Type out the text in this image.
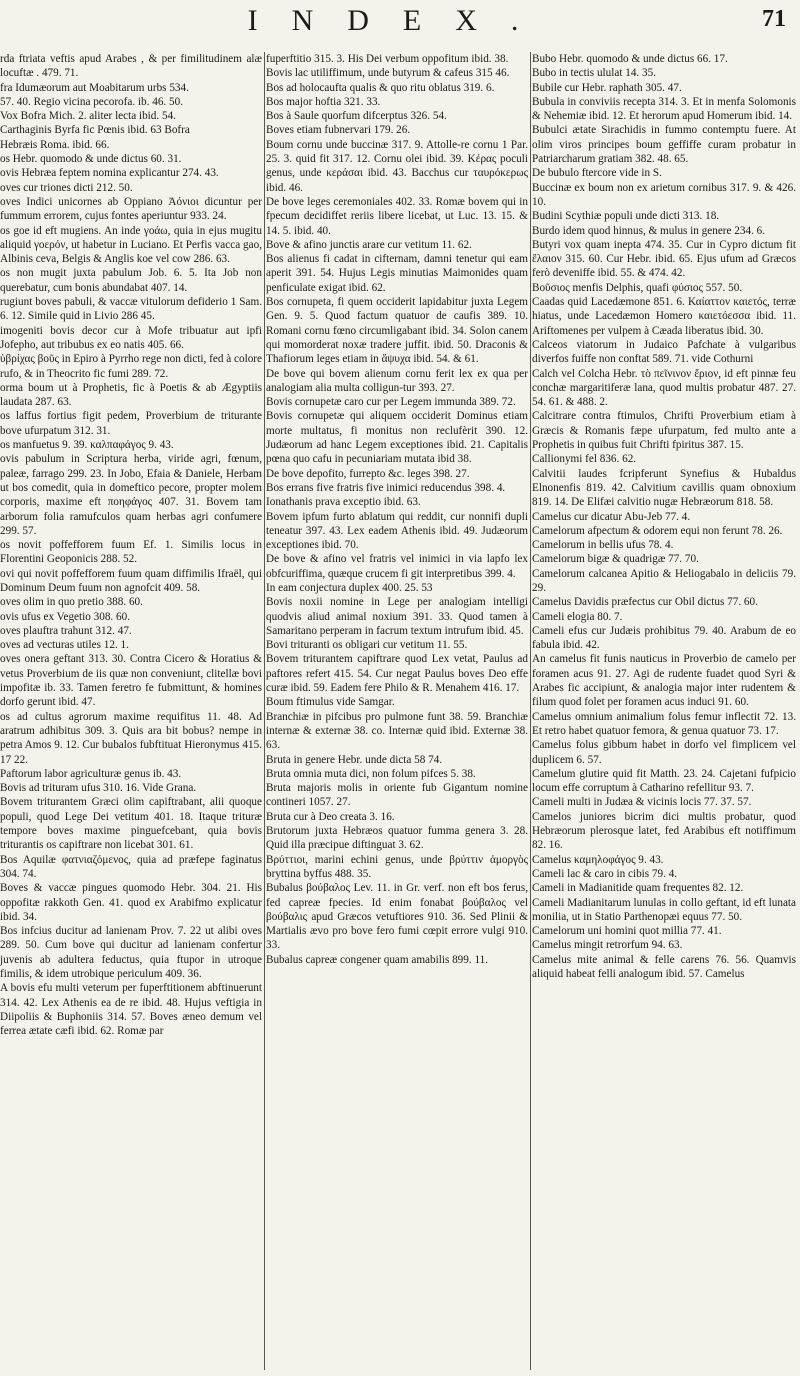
INDEX.	71

rda ftriata veftis apud Arabes , & per fimilitudinem alæ locuftæ . 479. 71.

fra Idumæorum aut Moabitarum urbs 534.

57. 40. Regio vicina pecorofa. ib. 46. 50.

Vox Bofra Mich. 2. aliter lecta ibid. 54.

Carthaginis Byrfa fic Pœnis ibid. 63 Bofra

Hebræis Roma. ibid. 66.

os Hebr. quomodo & unde dictus 60. 31.

ovis Hebræa feptem nomina explicantur 274. 43.

oves cur triones dicti 212. 50.

oves Indici unicornes ab Oppiano Ἀόνιοι dicuntur per fummum errorem, cujus fontes aperiuntur 933. 24.

os goe id eft mugiens. An inde γοάω, quia in ejus mugitu aliquid γοερόν, ut habetur in Luciano. Et Perfis vacca gao, Albinis ceva, Belgis & Anglis koe vel cow 286. 63.

os non mugit juxta pabulum Job. 6. 5. Ita Job non querebatur, cum bonis abundabat 407. 14.

rugiunt boves pabuli, & vaccæ vitulorum defiderio 1 Sam. 6. 12. Simile quid in Livio 286 45.

imogeniti bovis decor cur à Mofe tribuatur aut ipfi Jofepho, aut tribubus ex eo natis 405. 66.

ὑβρίχας βοῦς in Epiro à Pyrrho rege non dicti, fed à colore rufo, & in Theocrito fic fumi 289. 72.

orma boum ut à Prophetis, fic à Poetis & ab Ægyptiis laudata 287. 63.

os laffus fortius figit pedem, Proverbium de triturante bove ufurpatum 312. 31.

os manfuetus 9. 39. καλπαφάγος 9. 43.

ovis pabulum in Scriptura herba, viride agri, fœnum, paleæ, farrago 299. 23. In Jobo, Efaia & Daniele, Herbam ut bos comedit, quia in domeftico pecore, propter molem corporis, maxime eft ποηφάγος 407. 31. Bovem tam arborum folia ramufculos quam herbas agri confumere 299. 57.

os novit poffefforem fuum Ef. 1. Similis locus in Florentini Geoponicis 288. 52.

ovi qui novit poffefforem fuum quam diffimilis Ifraël, qui Dominum Deum fuum non agnofcit 409. 58.

oves olim in quo pretio 388. 60.

ovis ufus ex Vegetio 308. 60.

oves plauftra trahunt 312. 47.

oves ad vecturas utiles 12. 1.

oves onera geftant 313. 30. Contra Cicero & Horatius & vetus Proverbium de iis quæ non conveniunt, clitellæ bovi impofitæ ib. 33. Tamen feretro fe fubmittunt, & homines dorfo gerunt ibid. 47.

os ad cultus agrorum maxime requifitus 11. 48. Ad aratrum adhibitus 309. 3. Quis ara bit bobus? nempe in petra Amos 9. 12. Cur bubalos fubftituat Hieronymus 415. 17 22.

Paftorum labor agriculturæ genus ib. 43.

Bovis ad trituram ufus 310. 16. Vide Grana.

Bovem triturantem Græci olim capiftrabant, alii quoque populi, quod Lege Dei vetitum 401. 18. Itaque trituræ tempore boves maxime pinguefcebant, quia bovis triturantis os capiftrare non licebat 301. 61.

Bos Aquilæ φατνιαζόμενος, quia ad præfepe faginatus 304. 74.

Boves & vaccæ pingues quomodo Hebr. 304. 21. His oppofitæ rakkoth Gen. 41. quod ex Arabifmo explicatur ibid. 34.

Bos infcius ducitur ad lanienam Prov. 7. 22 ut alibi oves 289. 50. Cum bove qui ducitur ad lanienam confertur juvenis ab adultera feductus, quia ftupor in utroque fimilis, & idem utrobique periculum 409. 36.

A bovis efu multi veterum per fuperftitionem abftinuerunt 314. 42. Lex Athenis ea de re ibid. 48. Hujus veftigia in Diipoliis & Buphoniis 314. 57. Boves æneo demum vel ferrea ætate cæfi ibid. 62. Romæ par

fuperftitio 315. 3. His Dei verbum oppofitum ibid. 38.

Bovis lac utiliffimum, unde butyrum & cafeus 315 46.

Bos ad holocaufta qualis & quo ritu oblatus 319. 6.

Bos major hoftia 321. 33.

Bos à Saule quorfum difcerptus 326. 54.

Boves etiam fubnervari 179. 26.

Boum cornu unde buccinæ 317. 9. Attolle-re cornu 1 Par. 25. 3. quid fit 317. 12. Cornu olei ibid. 39. Κέρας poculi genus, unde κεράσαι ibid. 43. Bacchus cur ταυρόκερως ibid. 46.

De bove leges ceremoniales 402. 33. Romæ bovem qui in fpecum decidiffet reriis libere licebat, ut Luc. 13. 15. & 14. 5. ibid. 40.

Bove & afino junctis arare cur vetitum 11. 62.

Bos alienus fi cadat in cifternam, damni tenetur qui eam aperit 391. 54. Hujus Legis minutias Maimonides quam penficulate exigat ibid. 62.

Bos cornupeta, fi quem occiderit lapidabitur juxta Legem Gen. 9. 5. Quod factum quatuor de caufis 389. 10. Romani cornu fœno circumligabant ibid. 34. Solon canem qui momorderat noxæ tradere juffit. ibid. 50. Draconis & Thafiorum leges etiam in ἄψυχα ibid. 54. & 61.

De bove qui bovem alienum cornu ferit lex ex qua per analogiam alia multa colligun-tur 393. 27.

Bovis cornupetæ caro cur per Legem immunda 389. 72.

Bovis cornupetæ qui aliquem occiderit Dominus etiam morte multatus, fi monitus non reclufèrit 390. 12. Judæorum ad hanc Legem exceptiones ibid. 21. Capitalis pœna quo cafu in pecuniariam mutata ibid 38.

De bove depofito, furrepto &c. leges 398. 27.

Bos errans five fratris five inimici reducendus 398. 4.

Ionathanis prava exceptio ibid. 63.

Bovem ipfum furto ablatum qui reddit, cur nonnifi dupli teneatur 397. 43. Lex eadem Athenis ibid. 49. Judæorum exceptiones ibid. 70.

De bove & afino vel fratris vel inimici in via lapfo lex obfcuriffima, quæque crucem fi git interpretibus 399. 4.

In eam conjectura duplex 400. 25. 53

Bovis noxii nomine in Lege per analogiam intelligi quodvis aliud animal noxium 391. 33. Quod tamen à Samaritano perperam in facrum textum intrufum ibid. 45.

Bovi trituranti os obligari cur vetitum 11. 55.

Bovem triturantem capiftrare quod Lex vetat, Paulus ad paftores refert 415. 54. Cur negat Paulus boves Deo effe curæ ibid. 59. Eadem fere Philo & R. Menahem 416. 17.

Boum ftimulus vide Samgar.

Branchiæ in pifcibus pro pulmone funt 38. 59. Branchiæ internæ & externæ 38. co. Internæ quid ibid. Externæ 38. 63.

Bruta in genere Hebr. unde dicta 58 74.

Bruta omnia muta dici, non folum pifces 5. 38.

Bruta majoris molis in oriente fub Gigantum nomine contineri 1057. 27.

Bruta cur à Deo creata 3. 16.

Brutorum juxta Hebræos quatuor fumma genera 3. 28. Quid illa præcipue diftinguat 3. 62.

Βρύττιοι, marini echini genus, unde βρύττιν ἀμοργὸς bryttina byffus 488. 35.

Bubalus βούβαλος Lev. 11. in Gr. verf. non eft bos ferus, fed capreæ fpecies. Id enim fonabat βούβαλος vel βούβαλις apud Græcos vetuftiores 910. 36. Sed Plinii & Martialis ævo pro bove fero fumi cœpit errore vulgi 910. 33.

Bubalus capreæ congener quam amabilis 899. 11.

Bubo Hebr. quomodo & unde dictus 66. 17.

Bubo in tectis ululat 14. 35.

Bubile cur Hebr. raphath 305. 47.

Bubula in conviviis recepta 314. 3. Et in menfa Solomonis & Nehemiæ ibid. 12. Et herorum apud Homerum ibid. 14.

Bubulci ætate Sirachidis in fummo contemptu fuere. At olim viros principes boum geffiffe curam probatur in Patriarcharum gratiam 382. 48. 65.

De bubulo ftercore vide in S.

Buccinæ ex boum non ex arietum cornibus 317. 9. & 426. 10.

Budini Scythiæ populi unde dicti 313. 18.

Burdo idem quod hinnus, & mulus in genere 234. 6.

Butyri vox quam inepta 474. 35. Cur in Cypro dictum fit ἔλαιον 315. 60. Cur Hebr. ibid. 65. Ejus ufum ad Græcos ferò deveniffe ibid. 55. & 474. 42.

Βοῦσιος menfis Delphis, quafi φύσιος 557. 50.

Caadas quid Lacedæmone 851. 6. Καίαττον καιετός, terræ hiatus, unde Lacedæmon Homero καιετόεσσα ibid. 11. Ariftomenes per vulpem à Cæada liberatus ibid. 30.

Calceos viatorum in Judaico Pafchate à vulgaribus diverfos fuiffe non conftat 589. 71. vide Cothurni

Calch vel Colcha Hebr. τὸ πεῖνινον ἔριον, id eft pinnæ feu conchæ margaritiferæ lana, quod multis probatur 487. 27. 54. 61. & 488. 2.

Calcitrare contra ftimulos, Chrifti Proverbium etiam à Græcis & Romanis fæpe ufurpatum, fed multo ante a Prophetis in quibus fuit Chrifti fpiritus 387. 15.

Callionymi fel 836. 62.

Calvitii laudes fcripferunt Synefius & Hubaldus Elnonenfis 819. 42. Calvitium cavillis quam obnoxium 819. 14. De Elifæi calvitio nugæ Hebræorum 818. 58.

Camelus cur dicatur Abu-Jeb 77. 4.

Camelorum afpectum & odorem equi non ferunt 78. 26.

Camelorum in bellis ufus 78. 4.

Camelorum bigæ & quadrigæ 77. 70.

Camelorum calcanea Apitio & Heliogabalo in deliciis 79. 29.

Camelus Davidis præfectus cur Obil dictus 77. 60.

Cameli elogia 80. 7.

Cameli efus cur Judæis prohibitus 79. 40. Arabum de eo fabula ibid. 42.

An camelus fit funis nauticus in Proverbio de camelo per foramen acus 91. 27. Agi de rudente fuadet quod Syri & Arabes fic accipiunt, & analogia major inter rudentem & filum quod folet per foramen acus induci 91. 60.

Camelus omnium animalium folus femur inflectit 72. 13. Et retro habet quatuor femora, & genua quatuor 73. 17.

Camelus folus gibbum habet in dorfo vel fimplicem vel duplicem 6. 57.

Camelum glutire quid fit Matth. 23. 24. Cajetani fufpicio locum effe corruptum à Catharino refellitur 93. 7.

Cameli multi in Judæa & vicinis locis 77. 37. 57.

Camelos juniores bicrim dici multis probatur, quod Hebræorum plerosque latet, fed Arabibus eft notiffimum 82. 16.

Camelus καμηλοφάγος 9. 43.

Cameli lac & caro in cibis 79. 4.

Cameli in Madianitide quam frequentes 82. 12.

Cameli Madianitarum lunulas in collo geftant, id eft lunata monilia, ut in Statio Parthenopæi equus 77. 50.

Camelorum uni homini quot millia 77. 41.

Camelus mingit retrorfum 94. 63.

Camelus mite animal & felle carens 76. 56. Quamvis aliquid habeat felli analogum ibid. 57. Camelus
